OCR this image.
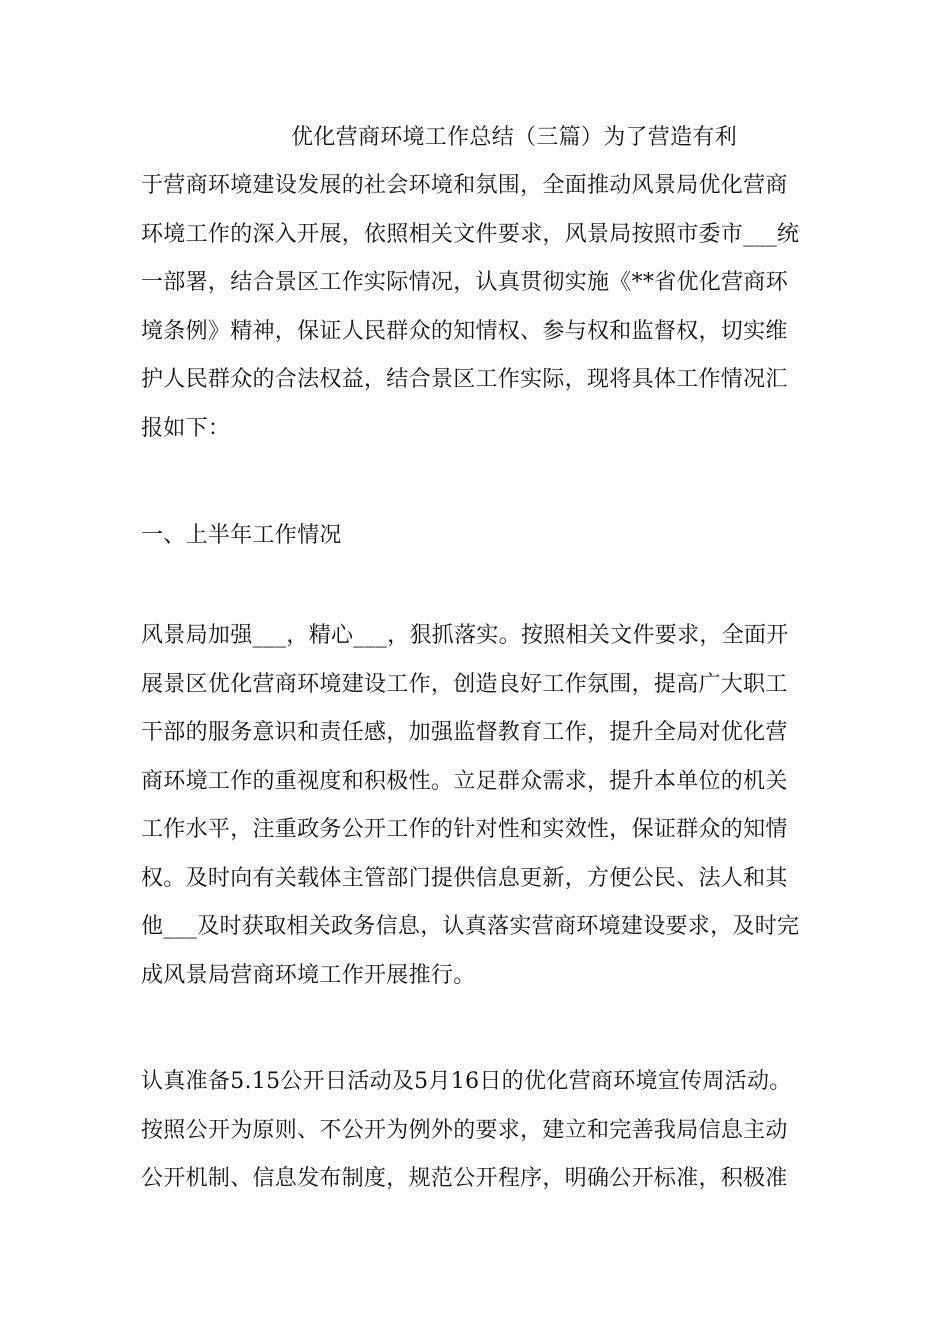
优化营商环境工作总结（三篇）为了营造有利
于营商环境建设发展的社会环境和氛围，全面推动风景局优化营商
环境工作的深入开展，依照相关文件要求，风景局按照市委市___统
一部署，结合景区工作实际情况，认真贯彻实施《**省优化营商环
境条例》精神，保证人民群众的知情权、参与权和监督权，切实维
护人民群众的合法权益，结合景区工作实际，现将具体工作情况汇
报如下：
一、上半年工作情况
风景局加强___，精心___，狠抓落实。按照相关文件要求，全面开
展景区优化营商环境建设工作，创造良好工作氛围，提高广大职工
干部的服务意识和责任感，加强监督教育工作，提升全局对优化营
商环境工作的重视度和积极性。立足群众需求，提升本单位的机关
工作水平，注重政务公开工作的针对性和实效性，保证群众的知情
权。及时向有关载体主管部门提供信息更新，方便公民、法人和其
他___及时获取相关政务信息，认真落实营商环境建设要求，及时完
成风景局营商环境工作开展推行。
认真准备5.15公开日活动及5月16日的优化营商环境宣传周活动。
按照公开为原则、不公开为例外的要求，建立和完善我局信息主动
公开机制、信息发布制度，规范公开程序，明确公开标准，积极准
